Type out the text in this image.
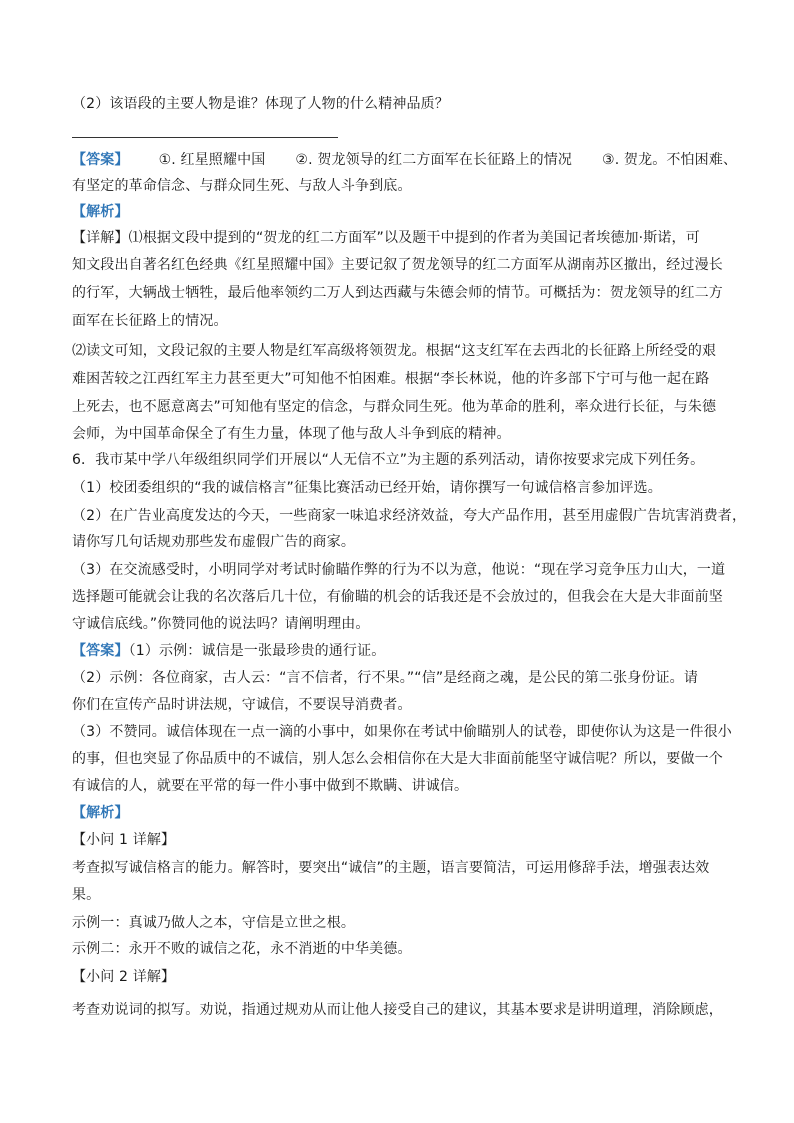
（2）该语段的主要人物是谁？体现了人物的什么精神品质？
【答案】 ①. 红星照耀中国 ②. 贺龙领导的红二方面军在长征路上的情况 ③. 贺龙。不怕困难、
有坚定的革命信念、与群众同生死、与敌人斗争到底。
【解析】
【详解】⑴根据文段中提到的“贺龙的红二方面军”以及题干中提到的作者为美国记者埃德加·斯诺，可
知文段出自著名红色经典《红星照耀中国》主要记叙了贺龙领导的红二方面军从湖南苏区撤出，经过漫长
的行军，大辆战士牺牲，最后他率领约二万人到达西藏与朱德会师的情节。可概括为：贺龙领导的红二方
面军在长征路上的情况。
⑵读文可知，文段记叙的主要人物是红军高级将领贺龙。根据“这支红军在去西北的长征路上所经受的艰
难困苦较之江西红军主力甚至更大”可知他不怕困难。根据“李长林说，他的许多部下宁可与他一起在路
上死去，也不愿意离去”可知他有坚定的信念，与群众同生死。他为革命的胜利，率众进行长征，与朱德
会师，为中国革命保全了有生力量，体现了他与敌人斗争到底的精神。
6．我市某中学八年级组织同学们开展以“人无信不立”为主题的系列活动，请你按要求完成下列任务。
（1）校团委组织的“我的诚信格言”征集比赛活动已经开始，请你撰写一句诚信格言参加评选。
（2）在广告业高度发达的今天，一些商家一味追求经济效益，夸大产品作用，甚至用虚假广告坑害消费者，
请你写几句话规劝那些发布虚假广告的商家。
（3）在交流感受时，小明同学对考试时偷瞄作弊的行为不以为意，他说：“现在学习竞争压力山大，一道
选择题可能就会让我的名次落后几十位，有偷瞄的机会的话我还是不会放过的，但我会在大是大非面前坚
守诚信底线。”你赞同他的说法吗？请阐明理由。
【答案】（1）示例：诚信是一张最珍贵的通行证。
（2）示例：各位商家，古人云：“言不信者，行不果。”“信”是经商之魂，是公民的第二张身份证。请
你们在宣传产品时讲法规，守诚信，不要误导消费者。
（3）不赞同。诚信体现在一点一滴的小事中，如果你在考试中偷瞄别人的试卷，即使你认为这是一件很小
的事，但也突显了你品质中的不诚信，别人怎么会相信你在大是大非面前能坚守诚信呢？所以，要做一个
有诚信的人，就要在平常的每一件小事中做到不欺瞒、讲诚信。
【解析】
【小问 1 详解】
考查拟写诚信格言的能力。解答时，要突出“诚信”的主题，语言要简洁，可运用修辞手法，增强表达效
果。
示例一：真诚乃做人之本，守信是立世之根。
示例二：永开不败的诚信之花，永不消逝的中华美德。
【小问 2 详解】
考查劝说词的拟写。劝说，指通过规劝从而让他人接受自己的建议，其基本要求是讲明道理，消除顾虑，
